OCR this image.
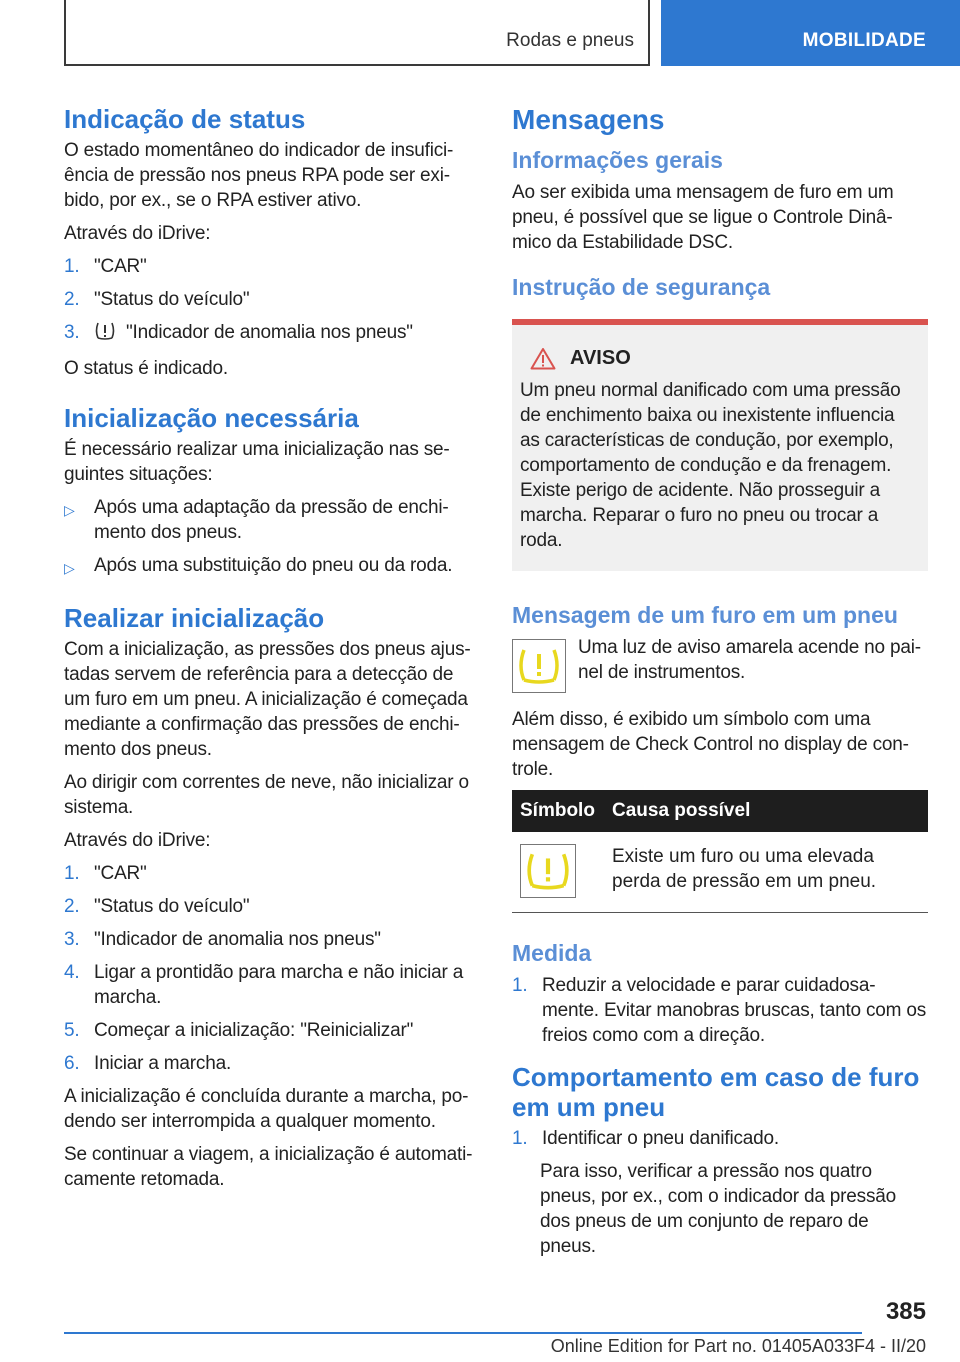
Rodas e pneus	MOBILIDADE
Indicação de status
O estado momentâneo do indicador de insufici-ência de pressão nos pneus RPA pode ser exi-bido, por ex., se o RPA estiver ativo.
Através do iDrive:
1. "CAR"
2. "Status do veículo"
3.	"Indicador de anomalia nos pneus"
O status é indicado.
Inicialização necessária
É necessário realizar uma inicialização nas se-guintes situações:
▷	Após uma adaptação da pressão de enchi-mento dos pneus.
▷	Após uma substituição do pneu ou da roda.
Realizar inicialização
Com a inicialização, as pressões dos pneus ajus-tadas servem de referência para a detecção de um furo em um pneu. A inicialização é começada mediante a confirmação das pressões de enchi-mento dos pneus.
Ao dirigir com correntes de neve, não inicializar o sistema.
Através do iDrive:
1. "CAR"
2. "Status do veículo"
3. "Indicador de anomalia nos pneus"
4. Ligar a prontidão para marcha e não iniciar a marcha.
5. Começar a inicialização: "Reinicializar"
6. Iniciar a marcha.
A inicialização é concluída durante a marcha, po-dendo ser interrompida a qualquer momento.
Se continuar a viagem, a inicialização é automati-camente retomada.
Mensagens
Informações gerais
Ao ser exibida uma mensagem de furo em um pneu, é possível que se ligue o Controle Dinâ-mico da Estabilidade DSC.
Instrução de segurança
AVISO
Um pneu normal danificado com uma pressão de enchimento baixa ou inexistente influencia as características de condução, por exemplo, comportamento de condução e da frenagem. Existe perigo de acidente. Não prosseguir a marcha. Reparar o furo no pneu ou trocar a roda.
Mensagem de um furo em um pneu
Uma luz de aviso amarela acende no pai-nel de instrumentos.
Além disso, é exibido um símbolo com uma mensagem de Check Control no display de con-trole.
Símbolo	Causa possível

	Existe um furo ou uma elevada perda de pressão em um pneu.
Medida
1. Reduzir a velocidade e parar cuidadosa-mente. Evitar manobras bruscas, tanto com os freios como com a direção.
Comportamento em caso de furo em um pneu
1. Identificar o pneu danificado.
Para isso, verificar a pressão nos quatro pneus, por ex., com o indicador da pressão dos pneus de um conjunto de reparo de pneus.
385
Online Edition for Part no. 01405A033F4 - II/20
